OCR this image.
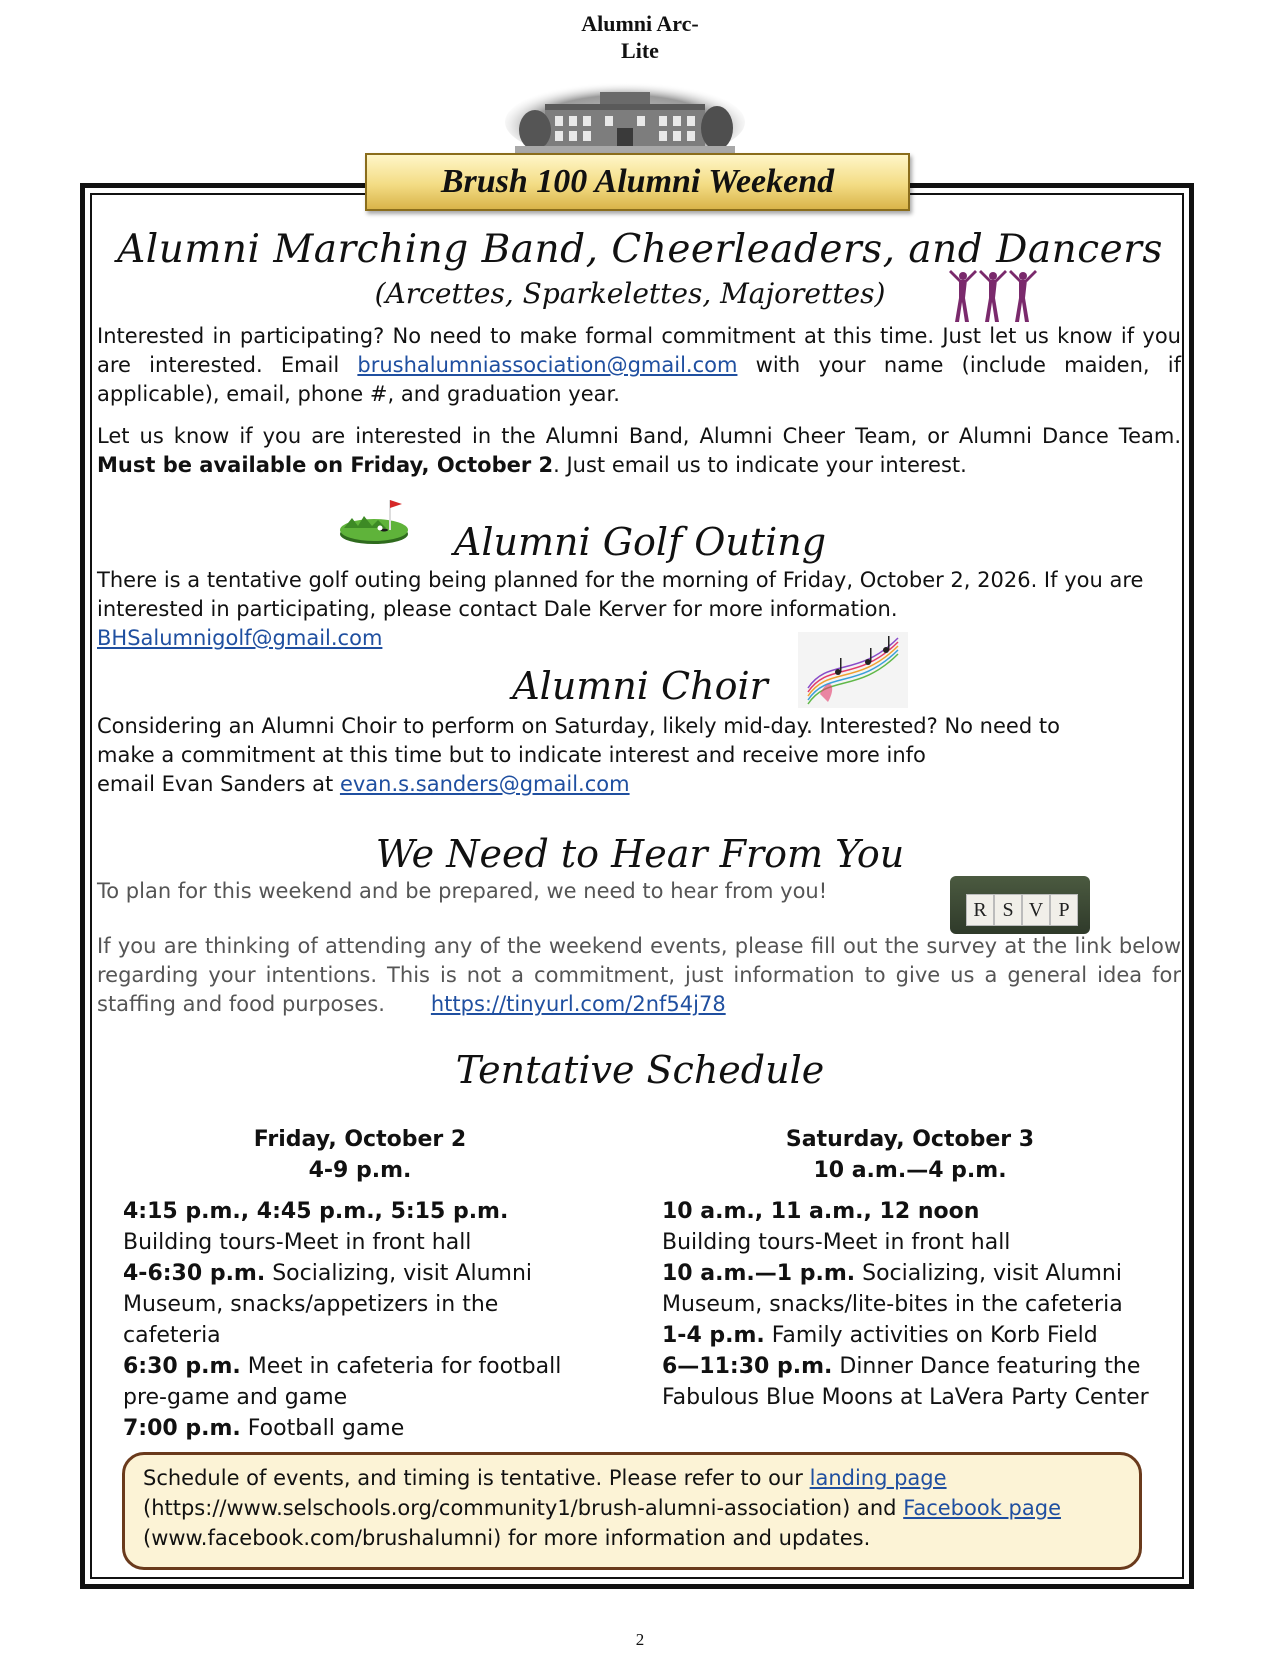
Alumni Arc-
Lite
Brush 100 Alumni Weekend
Alumni Marching Band, Cheerleaders, and Dancers
(Arcettes, Sparkelettes, Majorettes)
Interested in participating? No need to make formal commitment at this time. Just let us know if you are interested. Email brushalumniassociation@gmail.com with your name (include maiden, if applicable), email, phone #, and graduation year.
Let us know if you are interested in the Alumni Band, Alumni Cheer Team, or Alumni Dance Team. Must be available on Friday, October 2. Just email us to indicate your interest.
Alumni Golf Outing
There is a tentative golf outing being planned for the morning of Friday, October 2, 2026. If you are interested in participating, please contact Dale Kerver for more information.
BHSalumnigolf@gmail.com
Alumni Choir
Considering an Alumni Choir to perform on Saturday, likely mid-day. Interested? No need to
make a commitment at this time but to indicate interest and receive more info
email Evan Sanders at evan.s.sanders@gmail.com
We Need to Hear From You
To plan for this weekend and be prepared, we need to hear from you!
R S V P
If you are thinking of attending any of the weekend events, please fill out the survey at the link below regarding your intentions. This is not a commitment, just information to give us a general idea for staffing and food purposes. https://tinyurl.com/2nf54j78
Tentative Schedule
Friday, October 2
4-9 p.m.
4:15 p.m., 4:45 p.m., 5:15 p.m.
Building tours-Meet in front hall
4-6:30 p.m. Socializing, visit Alumni Museum, snacks/appetizers in the cafeteria
6:30 p.m. Meet in cafeteria for football pre-game and game
7:00 p.m. Football game
Saturday, October 3
10 a.m.—4 p.m.
10 a.m., 11 a.m., 12 noon
Building tours-Meet in front hall
10 a.m.—1 p.m. Socializing, visit Alumni Museum, snacks/lite-bites in the cafeteria
1-4 p.m. Family activities on Korb Field
6—11:30 p.m. Dinner Dance featuring the Fabulous Blue Moons at LaVera Party Center
Schedule of events, and timing is tentative. Please refer to our landing page (https://www.selschools.org/community1/brush-alumni-association) and Facebook page (www.facebook.com/brushalumni) for more information and updates.
2
